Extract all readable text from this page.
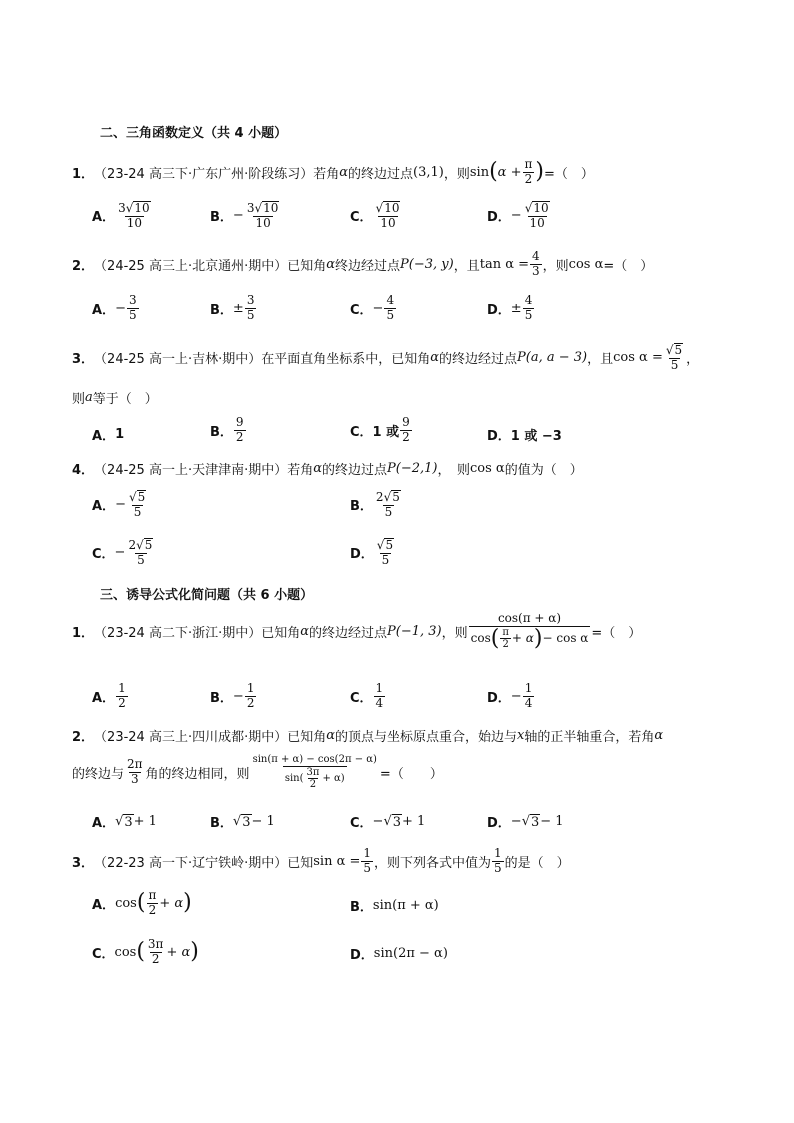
二、三角函数定义（共 4 小题）
1． （23-24 高三下·广东广州·阶段练习）若角 α 的终边过点 (3,1) ，则 sin ( $\alpha + \frac{\pi}{2}$ ) =（　）
A． $\frac{3√10}{10}$	B． − $\frac{3√10}{10}$	C． $\frac{√10}{10}$	D． − $\frac{√10}{10}$
2． （24-25 高三上·北京通州·期中）已知角 α 终边经过点 P(−3, y) ，且 $\tan \alpha = \frac{4}{3}$ ，则 cos α =（　）
A． − $\frac{3}{5}$	B． ± $\frac{3}{5}$	C． − $\frac{4}{5}$	D． ± $\frac{4}{5}$
3． （24-25 高一上·吉林·期中）在平面直角坐标系中，已知角 α 的终边经过点 P(a, a − 3) ，且 $\cos \alpha = \frac{√5}{5}$ ，
则 a 等于（　）
A． 1	B． $\frac{9}{2}$	C． 1 或 $\frac{9}{2}$	D． 1 或 −3
4． （24-25 高一上·天津津南·期中）若角 α 的终边过点 P(−2,1) ，　则 cos α 的值为（　）
A． − $\frac{√5}{5}$	B． $\frac{2√5}{5}$
C． − $\frac{2√5}{5}$	D． $\frac{√5}{5}$
三、诱导公式化简问题（共 6 小题）
1． （23-24 高二下·浙江·期中）已知角 α 的终边经过点 P(−1, 3) ，则
cos(π + α)
cos ( $\frac{\pi}{2} + \alpha$ ) − cos α =（　）
A． $\frac{1}{2}$	B． − $\frac{1}{2}$	C． $\frac{1}{4}$	D． − $\frac{1}{4}$
2． （23-24 高三上·四川成都·期中）已知角 α 的顶点与坐标原点重合，始边与 x 轴的正半轴重合，若角 α
的终边与 $\frac{2\pi}{3}$ 角的终边相同，则 $\frac{\sin(\pi + \alpha) - \cos(2\pi - \alpha)}{\sin( \frac{3\pi}{2} + \alpha)}$ =（　　）
A． √ 3 + 1	B． √ 3 − 1	C． − √ 3 + 1	D． − √ 3 − 1
3． （22-23 高一下·辽宁铁岭·期中）已知 $\sin \alpha = \frac{1}{5}$ ，则下列各式中值为 $\frac{1}{5}$ 的是（　）
A． cos ( $\frac{\pi}{2} + \alpha$ )	B． sin(π + α)
C． cos ( $\frac{3\pi}{2} + \alpha$ )	D． sin(2π − α)
